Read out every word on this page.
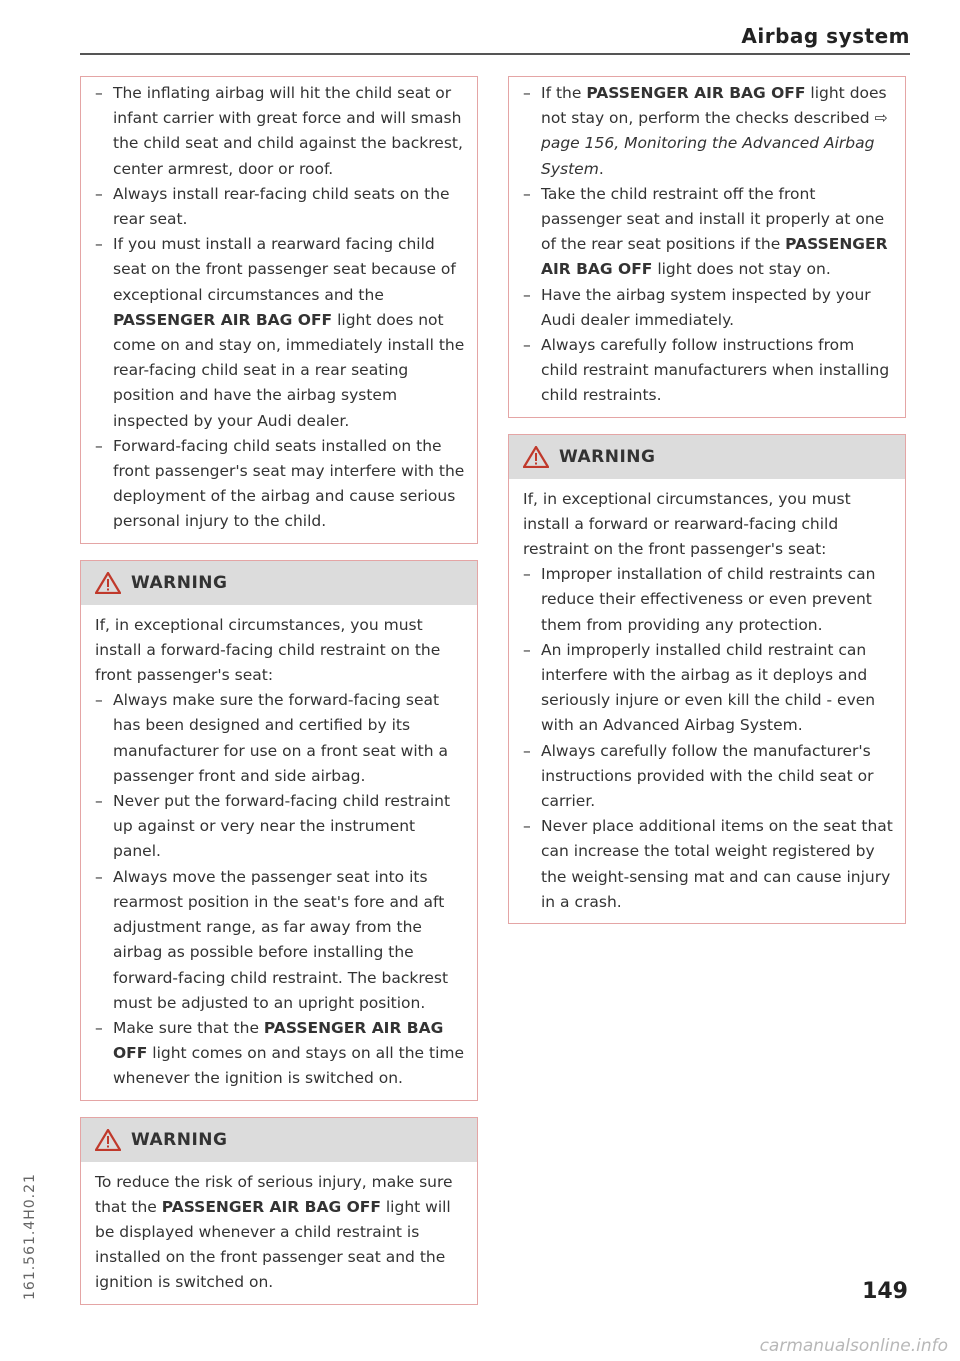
Airbag system
– The inflating airbag will hit the child seat or infant carrier with great force and will smash the child seat and child against the backrest, center armrest, door or roof.
– Always install rear-facing child seats on the rear seat.
– If you must install a rearward facing child seat on the front passenger seat because of exceptional circumstances and the PASSENGER AIR BAG OFF light does not come on and stay on, immediately install the rear-facing child seat in a rear seating position and have the airbag system inspected by your Audi dealer.
– Forward-facing child seats installed on the front passenger's seat may interfere with the deployment of the airbag and cause serious personal injury to the child.
WARNING

If, in exceptional circumstances, you must install a forward-facing child restraint on the front passenger's seat:

– Always make sure the forward-facing seat has been designed and certified by its manufacturer for use on a front seat with a passenger front and side airbag.
– Never put the forward-facing child restraint up against or very near the instrument panel.
– Always move the passenger seat into its rearmost position in the seat's fore and aft adjustment range, as far away from the airbag as possible before installing the forward-facing child restraint. The backrest must be adjusted to an upright position.
– Make sure that the PASSENGER AIR BAG OFF light comes on and stays on all the time whenever the ignition is switched on.
WARNING

To reduce the risk of serious injury, make sure that the PASSENGER AIR BAG OFF light will be displayed whenever a child restraint is installed on the front passenger seat and the ignition is switched on.

– If the PASSENGER AIR BAG OFF light does not stay on, perform the checks described ⇨ page 156, Monitoring the Advanced Airbag System.
– Take the child restraint off the front passenger seat and install it properly at one of the rear seat positions if the PASSENGER AIR BAG OFF light does not stay on.
– Have the airbag system inspected by your Audi dealer immediately.
– Always carefully follow instructions from child restraint manufacturers when installing child restraints.
WARNING

If, in exceptional circumstances, you must install a forward or rearward-facing child restraint on the front passenger's seat:

– Improper installation of child restraints can reduce their effectiveness or even prevent them from providing any protection.
– An improperly installed child restraint can interfere with the airbag as it deploys and seriously injure or even kill the child - even with an Advanced Airbag System.
– Always carefully follow the manufacturer's instructions provided with the child seat or carrier.
– Never place additional items on the seat that can increase the total weight registered by the weight-sensing mat and can cause injury in a crash.
161.561.4H0.21	149
carmanualsonline.info
